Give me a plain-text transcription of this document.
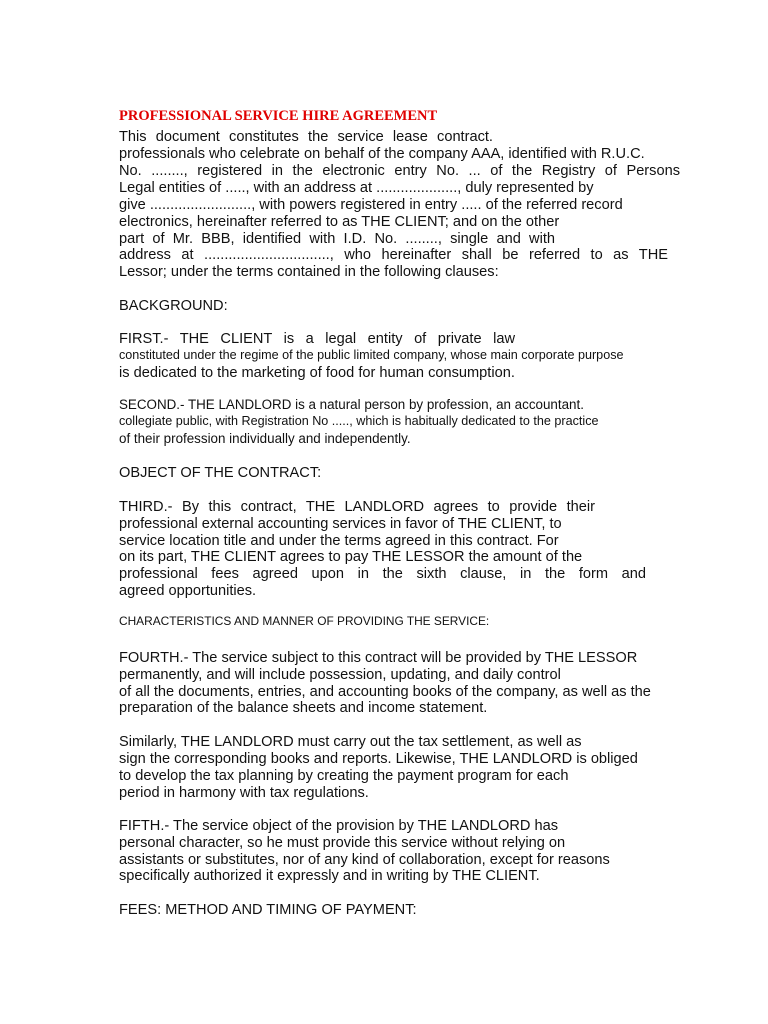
PROFESSIONAL SERVICE HIRE AGREEMENT
This document constitutes the service lease contract.
professionals who celebrate on behalf of the company AAA, identified with R.U.C.
No. ........, registered in the electronic entry No. ... of the Registry of Persons
Legal entities of ....., with an address at ...................., duly represented by
give ........................., with powers registered in entry ..... of the referred record
electronics, hereinafter referred to as THE CLIENT; and on the other
part of Mr. BBB, identified with I.D. No. ........, single and with
address at ..............................., who hereinafter shall be referred to as THE
Lessor; under the terms contained in the following clauses:
BACKGROUND:
FIRST.- THE CLIENT is a legal entity of private law
constituted under the regime of the public limited company, whose main corporate purpose
is dedicated to the marketing of food for human consumption.
SECOND.- THE LANDLORD is a natural person by profession, an accountant.
collegiate public, with Registration No ....., which is habitually dedicated to the practice
of their profession individually and independently.
OBJECT OF THE CONTRACT:
THIRD.- By this contract, THE LANDLORD agrees to provide their
professional external accounting services in favor of THE CLIENT, to
service location title and under the terms agreed in this contract. For
on its part, THE CLIENT agrees to pay THE LESSOR the amount of the
professional fees agreed upon in the sixth clause, in the form and
agreed opportunities.
CHARACTERISTICS AND MANNER OF PROVIDING THE SERVICE:
FOURTH.- The service subject to this contract will be provided by THE LESSOR
permanently, and will include possession, updating, and daily control
of all the documents, entries, and accounting books of the company, as well as the
preparation of the balance sheets and income statement.
Similarly, THE LANDLORD must carry out the tax settlement, as well as
sign the corresponding books and reports. Likewise, THE LANDLORD is obliged
to develop the tax planning by creating the payment program for each
period in harmony with tax regulations.
FIFTH.- The service object of the provision by THE LANDLORD has
personal character, so he must provide this service without relying on
assistants or substitutes, nor of any kind of collaboration, except for reasons
specifically authorized it expressly and in writing by THE CLIENT.
FEES: METHOD AND TIMING OF PAYMENT:
